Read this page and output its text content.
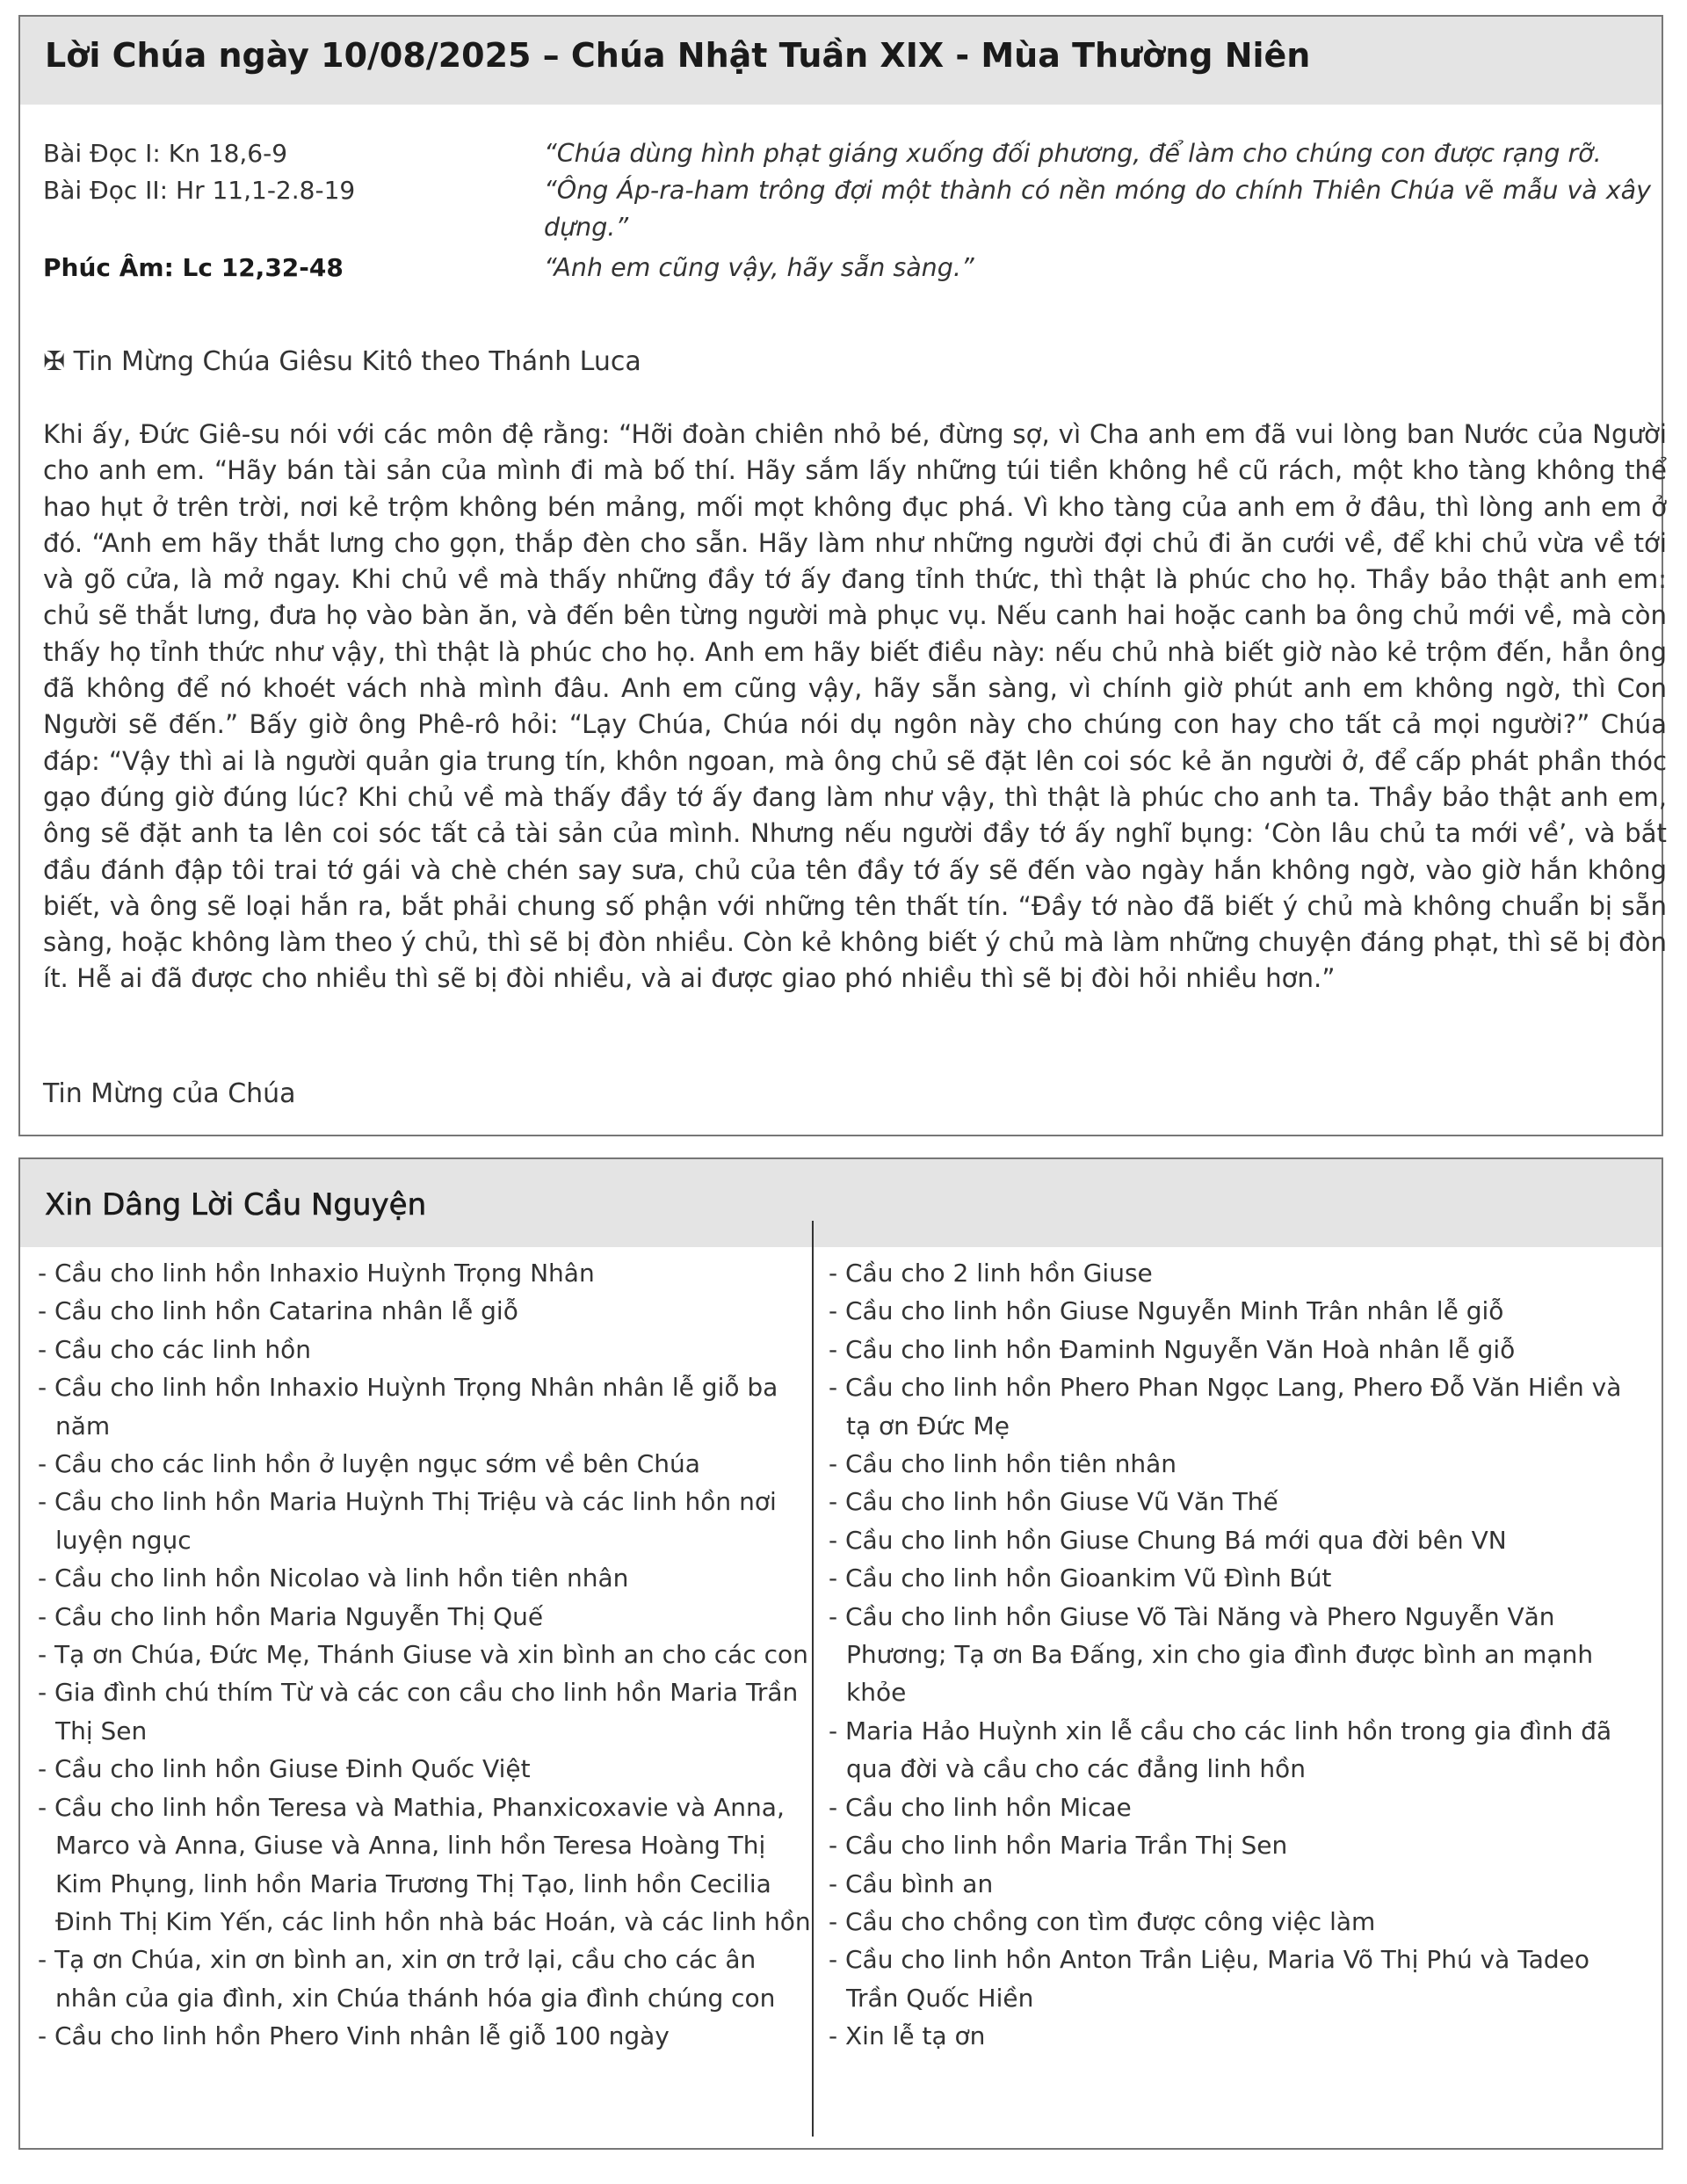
Lời Chúa ngày 10/08/2025 – Chúa Nhật Tuần XIX - Mùa Thường Niên
Bài Đọc I: Kn 18,6-9	“Chúa dùng hình phạt giáng xuống đối phương, để làm cho chúng con được rạng rỡ.
Bài Đọc II: Hr 11,1-2.8-19	“Ông Áp-ra-ham trông đợi một thành có nền móng do chính Thiên Chúa vẽ mẫu và xây dựng.”
Phúc Âm: Lc 12,32-48	“Anh em cũng vậy, hãy sẵn sàng.”
✠ Tin Mừng Chúa Giêsu Kitô theo Thánh Luca
Khi ấy, Đức Giê-su nói với các môn đệ rằng: “Hỡi đoàn chiên nhỏ bé, đừng sợ, vì Cha anh em đã vui lòng ban Nước của Người cho anh em. “Hãy bán tài sản của mình đi mà bố thí. Hãy sắm lấy những túi tiền không hề cũ rách, một kho tàng không thể hao hụt ở trên trời, nơi kẻ trộm không bén mảng, mối mọt không đục phá. Vì kho tàng của anh em ở đâu, thì lòng anh em ở đó. “Anh em hãy thắt lưng cho gọn, thắp đèn cho sẵn. Hãy làm như những người đợi chủ đi ăn cưới về, để khi chủ vừa về tới và gõ cửa, là mở ngay. Khi chủ về mà thấy những đầy tớ ấy đang tỉnh thức, thì thật là phúc cho họ. Thầy bảo thật anh em: chủ sẽ thắt lưng, đưa họ vào bàn ăn, và đến bên từng người mà phục vụ. Nếu canh hai hoặc canh ba ông chủ mới về, mà còn thấy họ tỉnh thức như vậy, thì thật là phúc cho họ. Anh em hãy biết điều này: nếu chủ nhà biết giờ nào kẻ trộm đến, hẳn ông đã không để nó khoét vách nhà mình đâu. Anh em cũng vậy, hãy sẵn sàng, vì chính giờ phút anh em không ngờ, thì Con Người sẽ đến.” Bấy giờ ông Phê-rô hỏi: “Lạy Chúa, Chúa nói dụ ngôn này cho chúng con hay cho tất cả mọi người?” Chúa đáp: “Vậy thì ai là người quản gia trung tín, khôn ngoan, mà ông chủ sẽ đặt lên coi sóc kẻ ăn người ở, để cấp phát phần thóc gạo đúng giờ đúng lúc? Khi chủ về mà thấy đầy tớ ấy đang làm như vậy, thì thật là phúc cho anh ta. Thầy bảo thật anh em, ông sẽ đặt anh ta lên coi sóc tất cả tài sản của mình. Nhưng nếu người đầy tớ ấy nghĩ bụng: ‘Còn lâu chủ ta mới về’, và bắt đầu đánh đập tôi trai tớ gái và chè chén say sưa, chủ của tên đầy tớ ấy sẽ đến vào ngày hắn không ngờ, vào giờ hắn không biết, và ông sẽ loại hắn ra, bắt phải chung số phận với những tên thất tín. “Đầy tớ nào đã biết ý chủ mà không chuẩn bị sẵn sàng, hoặc không làm theo ý chủ, thì sẽ bị đòn nhiều. Còn kẻ không biết ý chủ mà làm những chuyện đáng phạt, thì sẽ bị đòn ít. Hễ ai đã được cho nhiều thì sẽ bị đòi nhiều, và ai được giao phó nhiều thì sẽ bị đòi hỏi nhiều hơn.”
Tin Mừng của Chúa
Xin Dâng Lời Cầu Nguyện
- Cầu cho linh hồn Inhaxio Huỳnh Trọng Nhân
- Cầu cho linh hồn Catarina nhân lễ giỗ
- Cầu cho các linh hồn
- Cầu cho linh hồn Inhaxio Huỳnh Trọng Nhân nhân lễ giỗ ba năm
- Cầu cho các linh hồn ở luyện ngục sớm về bên Chúa
- Cầu cho linh hồn Maria Huỳnh Thị Triệu và các linh hồn nơi luyện ngục
- Cầu cho linh hồn Nicolao và linh hồn tiên nhân
- Cầu cho linh hồn Maria Nguyễn Thị Quế
- Tạ ơn Chúa, Đức Mẹ, Thánh Giuse và xin bình an cho các con
- Gia đình chú thím Từ và các con cầu cho linh hồn Maria Trần Thị Sen
- Cầu cho linh hồn Giuse Đinh Quốc Việt
- Cầu cho linh hồn Teresa và Mathia, Phanxicoxavie và Anna, Marco và Anna, Giuse và Anna, linh hồn Teresa Hoàng Thị Kim Phụng, linh hồn Maria Trương Thị Tạo, linh hồn Cecilia Đinh Thị Kim Yến, các linh hồn nhà bác Hoán, và các linh hồn
- Tạ ơn Chúa, xin ơn bình an, xin ơn trở lại, cầu cho các ân nhân của gia đình, xin Chúa thánh hóa gia đình chúng con
- Cầu cho linh hồn Phero Vinh nhân lễ giỗ 100 ngày
- Cầu cho 2 linh hồn Giuse
- Cầu cho linh hồn Giuse Nguyễn Minh Trân nhân lễ giỗ
- Cầu cho linh hồn Đaminh Nguyễn Văn Hoà nhân lễ giỗ
- Cầu cho linh hồn Phero Phan Ngọc Lang, Phero Đỗ Văn Hiền và tạ ơn Đức Mẹ
- Cầu cho linh hồn tiên nhân
- Cầu cho linh hồn Giuse Vũ Văn Thế
- Cầu cho linh hồn Giuse Chung Bá mới qua đời bên VN
- Cầu cho linh hồn Gioankim Vũ Đình Bút
- Cầu cho linh hồn Giuse Võ Tài Năng và Phero Nguyễn Văn Phương; Tạ ơn Ba Đấng, xin cho gia đình được bình an mạnh khỏe
- Maria Hảo Huỳnh xin lễ cầu cho các linh hồn trong gia đình đã qua đời và cầu cho các đẳng linh hồn
- Cầu cho linh hồn Micae
- Cầu cho linh hồn Maria Trần Thị Sen
- Cầu bình an
- Cầu cho chồng con tìm được công việc làm
- Cầu cho linh hồn Anton Trần Liệu, Maria Võ Thị Phú và Tadeo Trần Quốc Hiền
- Xin lễ tạ ơn
